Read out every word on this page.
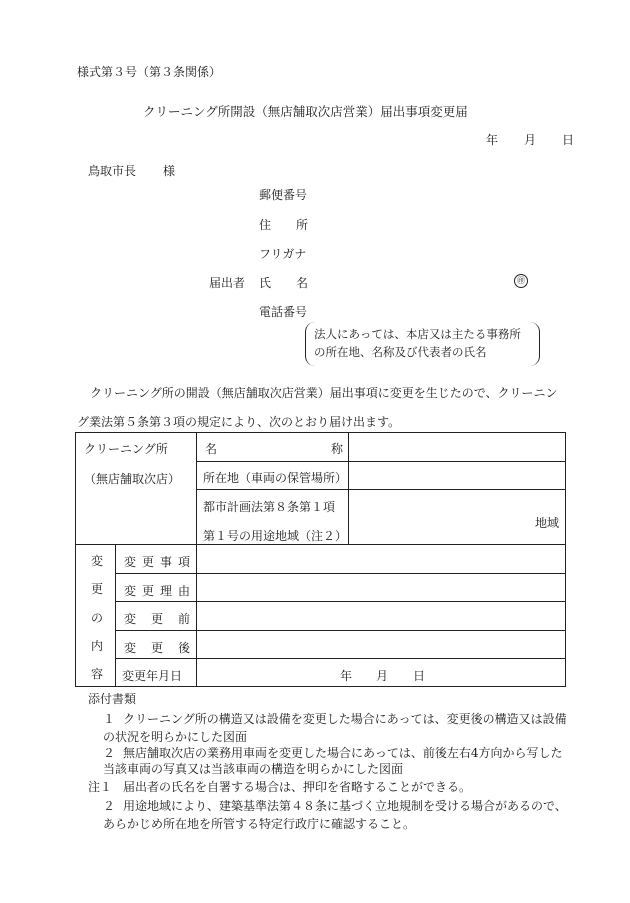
様式第３号（第３条関係）
クリーニング所開設（無店舗取次店営業）届出事項変更届
年 月 日
鳥取市長 様
郵便番号
住 所
フリガナ
届出者 氏 名	㊞
電話番号
法人にあっては、本店又は主たる事務所
の所在地、名称及び代表者の氏名
クリーニング所の開設（無店舗取次店営業）届出事項に変更を生じたので、クリーニン
グ業法第５条第３項の規定により、次のとおり届け出ます。
クリーニング所
（無店舗取次店）
名	称
所在地（車両の保管場所）
都市計画法第８条第１項
第１号の用途地域（注２）
地域
変
更
の
内
容
変 更 事 項
変 更 理 由
変 更 前
変 更 後
変更年月日	年 月 日
添付書類
１ クリーニング所の構造又は設備を変更した場合にあっては、変更後の構造又は設備
の状況を明らかにした図面
２ 無店舗取次店の業務用車両を変更した場合にあっては、前後左右4方向から写した
当該車両の写真又は当該車両の構造を明らかにした図面
注１ 届出者の氏名を自署する場合は、押印を省略することができる。
２ 用途地域により、建築基準法第４８条に基づく立地規制を受ける場合があるので、
あらかじめ所在地を所管する特定行政庁に確認すること。
